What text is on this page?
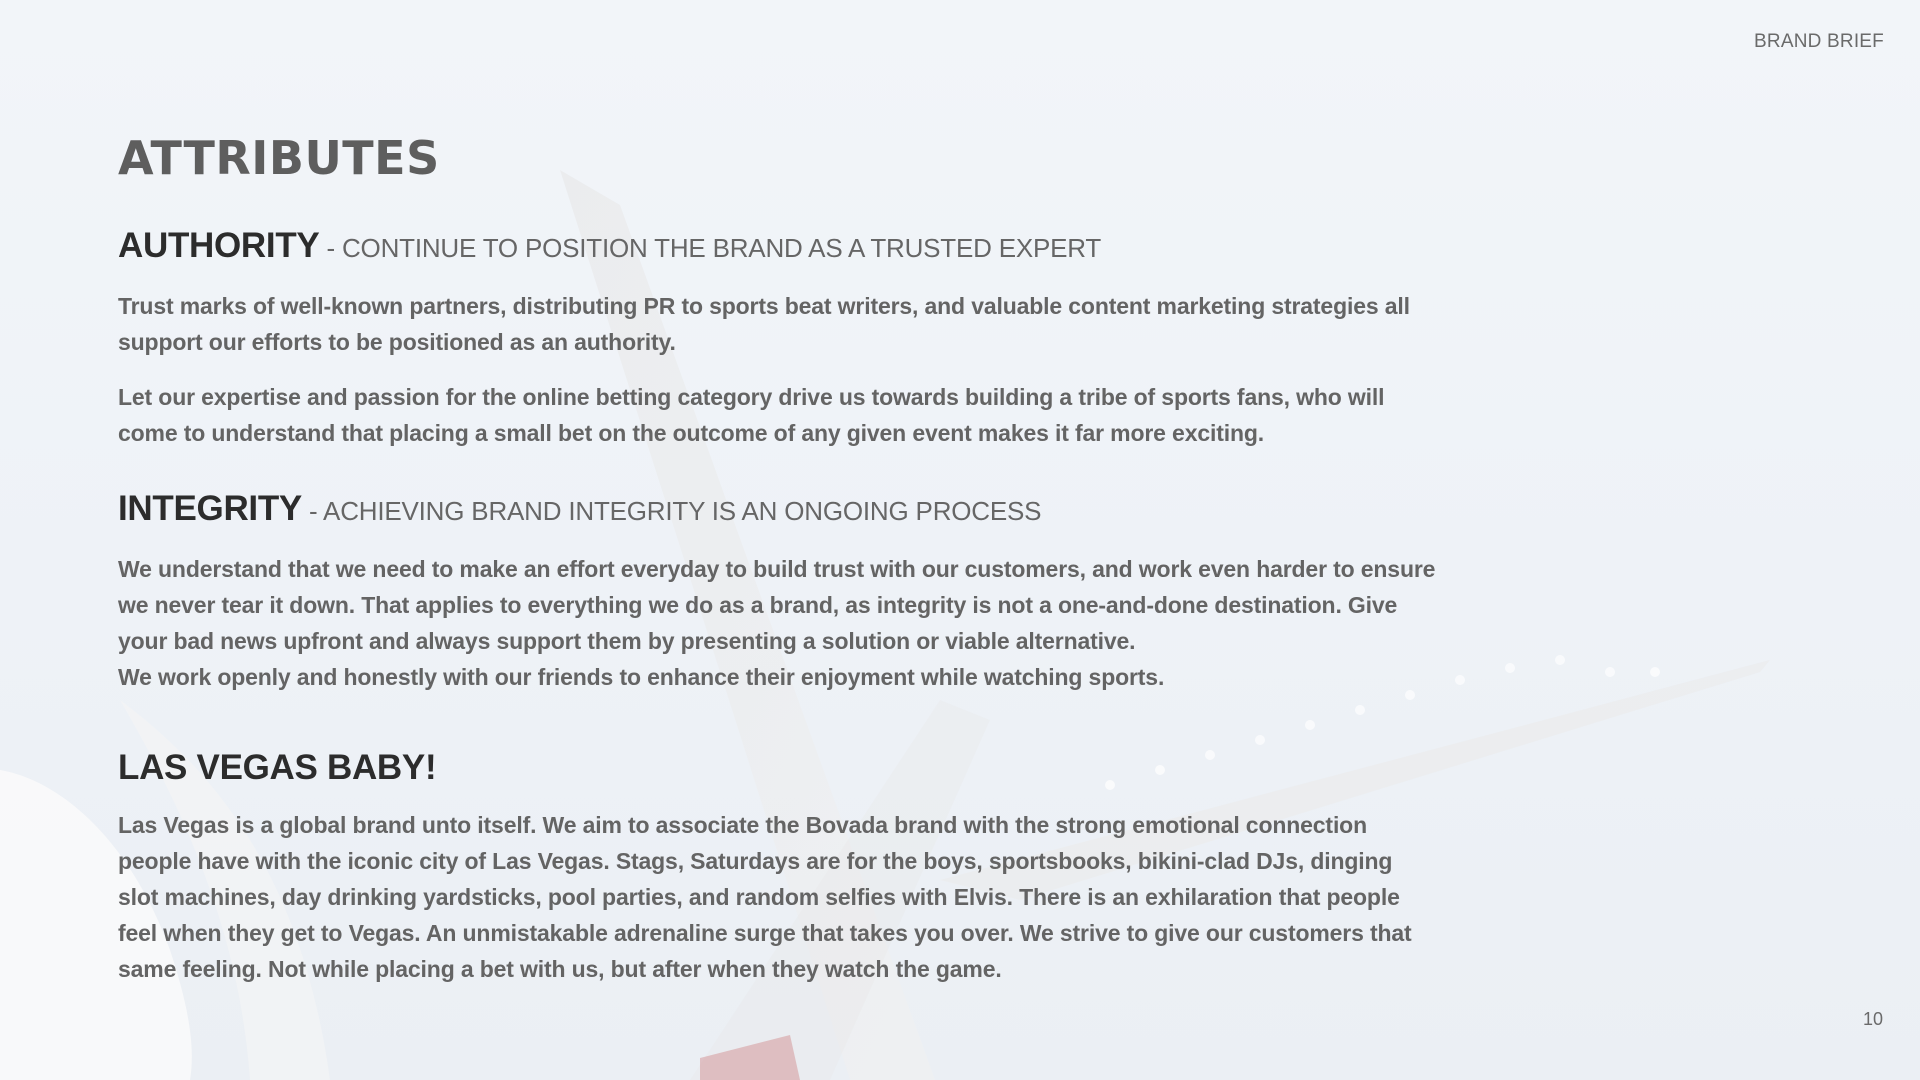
BRAND BRIEF
ATTRIBUTES

AUTHORITY - CONTINUE TO POSITION THE BRAND AS A TRUSTED EXPERT

Trust marks of well-known partners, distributing PR to sports beat writers, and valuable content marketing strategies all support our efforts to be positioned as an authority.

Let our expertise and passion for the online betting category drive us towards building a tribe of sports fans, who will come to understand that placing a small bet on the outcome of any given event makes it far more exciting.

INTEGRITY - ACHIEVING BRAND INTEGRITY IS AN ONGOING PROCESS

We understand that we need to make an effort everyday to build trust with our customers, and work even harder to ensure we never tear it down. That applies to everything we do as a brand, as integrity is not a one-and-done destination. Give your bad news upfront and always support them by presenting a solution or viable alternative.

We work openly and honestly with our friends to enhance their enjoyment while watching sports.

LAS VEGAS BABY!

Las Vegas is a global brand unto itself. We aim to associate the Bovada brand with the strong emotional connection people have with the iconic city of Las Vegas. Stags, Saturdays are for the boys, sportsbooks, bikini-clad DJs, dinging slot machines, day drinking yardsticks, pool parties, and random selfies with Elvis. There is an exhilaration that people feel when they get to Vegas. An unmistakable adrenaline surge that takes you over. We strive to give our customers that same feeling. Not while placing a bet with us, but after when they watch the game.

10
